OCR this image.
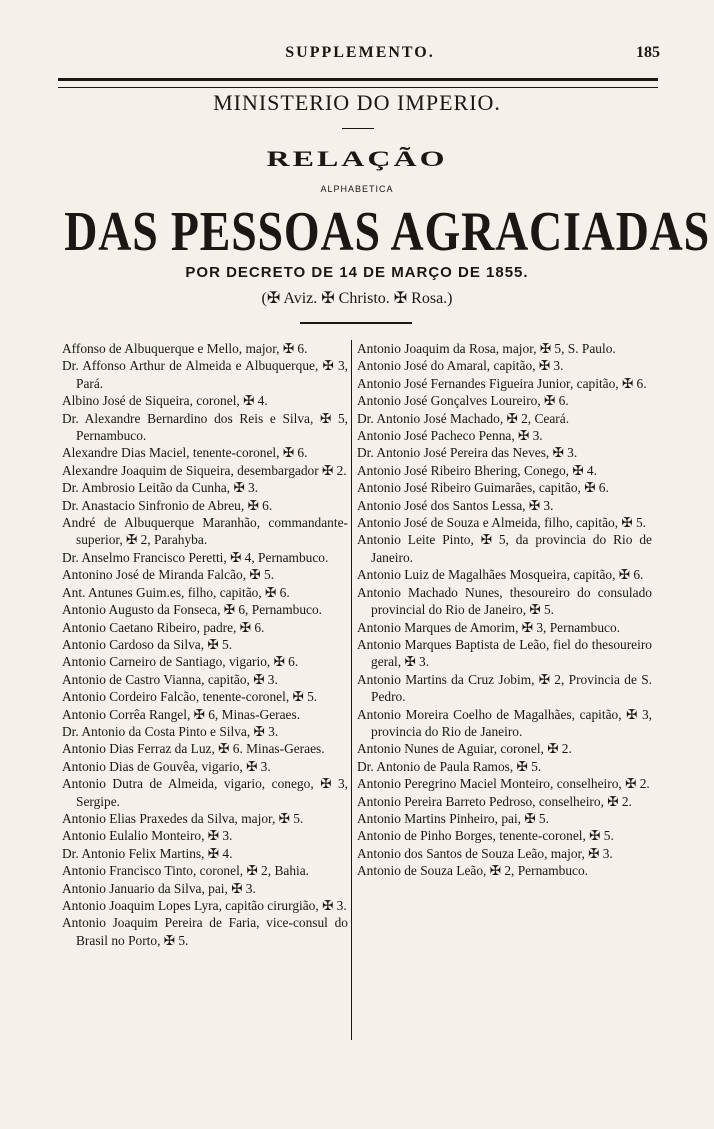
SUPPLEMENTO.	185
MINISTERIO DO IMPERIO.
RELAÇÃO
ALPHABETICA
DAS PESSOAS AGRACIADAS
POR DECRETO DE 14 DE MARÇO DE 1855.
(✠ Aviz. ✠ Christo. ✠ Rosa.)

Affonso de Albuquerque e Mello, major, ✠ 6.

Dr. Affonso Arthur de Almeida e Albuquerque, ✠ 3, Pará.

Albino José de Siqueira, coronel, ✠ 4.

Dr. Alexandre Bernardino dos Reis e Silva, ✠ 5, Pernambuco.

Alexandre Dias Maciel, tenente-coronel, ✠ 6.

Alexandre Joaquim de Siqueira, desembargador ✠ 2.

Dr. Ambrosio Leitão da Cunha, ✠ 3.

Dr. Anastacio Sinfronio de Abreu, ✠ 6.

André de Albuquerque Maranhão, commandante-superior, ✠ 2, Parahyba.

Dr. Anselmo Francisco Peretti, ✠ 4, Pernambuco.

Antonino José de Miranda Falcão, ✠ 5.

Ant. Antunes Guim.es, filho, capitão, ✠ 6.

Antonio Augusto da Fonseca, ✠ 6, Pernambuco.

Antonio Caetano Ribeiro, padre, ✠ 6.

Antonio Cardoso da Silva, ✠ 5.

Antonio Carneiro de Santiago, vigario, ✠ 6.

Antonio de Castro Vianna, capitão, ✠ 3.

Antonio Cordeiro Falcão, tenente-coronel, ✠ 5.

Antonio Corrêa Rangel, ✠ 6, Minas-Geraes.

Dr. Antonio da Costa Pinto e Silva, ✠ 3.

Antonio Dias Ferraz da Luz, ✠ 6. Minas-Geraes.

Antonio Dias de Gouvêa, vigario, ✠ 3.

Antonio Dutra de Almeida, vigario, conego, ✠ 3, Sergipe.

Antonio Elias Praxedes da Silva, major, ✠ 5.

Antonio Eulalio Monteiro, ✠ 3.

Dr. Antonio Felix Martins, ✠ 4.

Antonio Francisco Tinto, coronel, ✠ 2, Bahia.

Antonio Januario da Silva, pai, ✠ 3.

Antonio Joaquim Lopes Lyra, capitão cirurgião, ✠ 3.

Antonio Joaquim Pereira de Faria, vice-consul do Brasil no Porto, ✠ 5.

Antonio Joaquim da Rosa, major, ✠ 5, S. Paulo.

Antonio José do Amaral, capitão, ✠ 3.

Antonio José Fernandes Figueira Junior, capitão, ✠ 6.

Antonio José Gonçalves Loureiro, ✠ 6.

Dr. Antonio José Machado, ✠ 2, Ceará.

Antonio José Pacheco Penna, ✠ 3.

Dr. Antonio José Pereira das Neves, ✠ 3.

Antonio José Ribeiro Bhering, Conego, ✠ 4.

Antonio José Ribeiro Guimarães, capitão, ✠ 6.

Antonio José dos Santos Lessa, ✠ 3.

Antonio José de Souza e Almeida, filho, capitão, ✠ 5.

Antonio Leite Pinto, ✠ 5, da provincia do Rio de Janeiro.

Antonio Luiz de Magalhães Mosqueira, capitão, ✠ 6.

Antonio Machado Nunes, thesoureiro do consulado provincial do Rio de Janeiro, ✠ 5.

Antonio Marques de Amorim, ✠ 3, Pernambuco.

Antonio Marques Baptista de Leão, fiel do thesoureiro geral, ✠ 3.

Antonio Martins da Cruz Jobim, ✠ 2, Provincia de S. Pedro.

Antonio Moreira Coelho de Magalhães, capitão, ✠ 3, provincia do Rio de Janeiro.

Antonio Nunes de Aguiar, coronel, ✠ 2.

Dr. Antonio de Paula Ramos, ✠ 5.

Antonio Peregrino Maciel Monteiro, conselheiro, ✠ 2.

Antonio Pereira Barreto Pedroso, conselheiro, ✠ 2.

Antonio Martins Pinheiro, pai, ✠ 5.

Antonio de Pinho Borges, tenente-coronel, ✠ 5.

Antonio dos Santos de Souza Leão, major, ✠ 3.

Antonio de Souza Leão, ✠ 2, Pernambuco.
